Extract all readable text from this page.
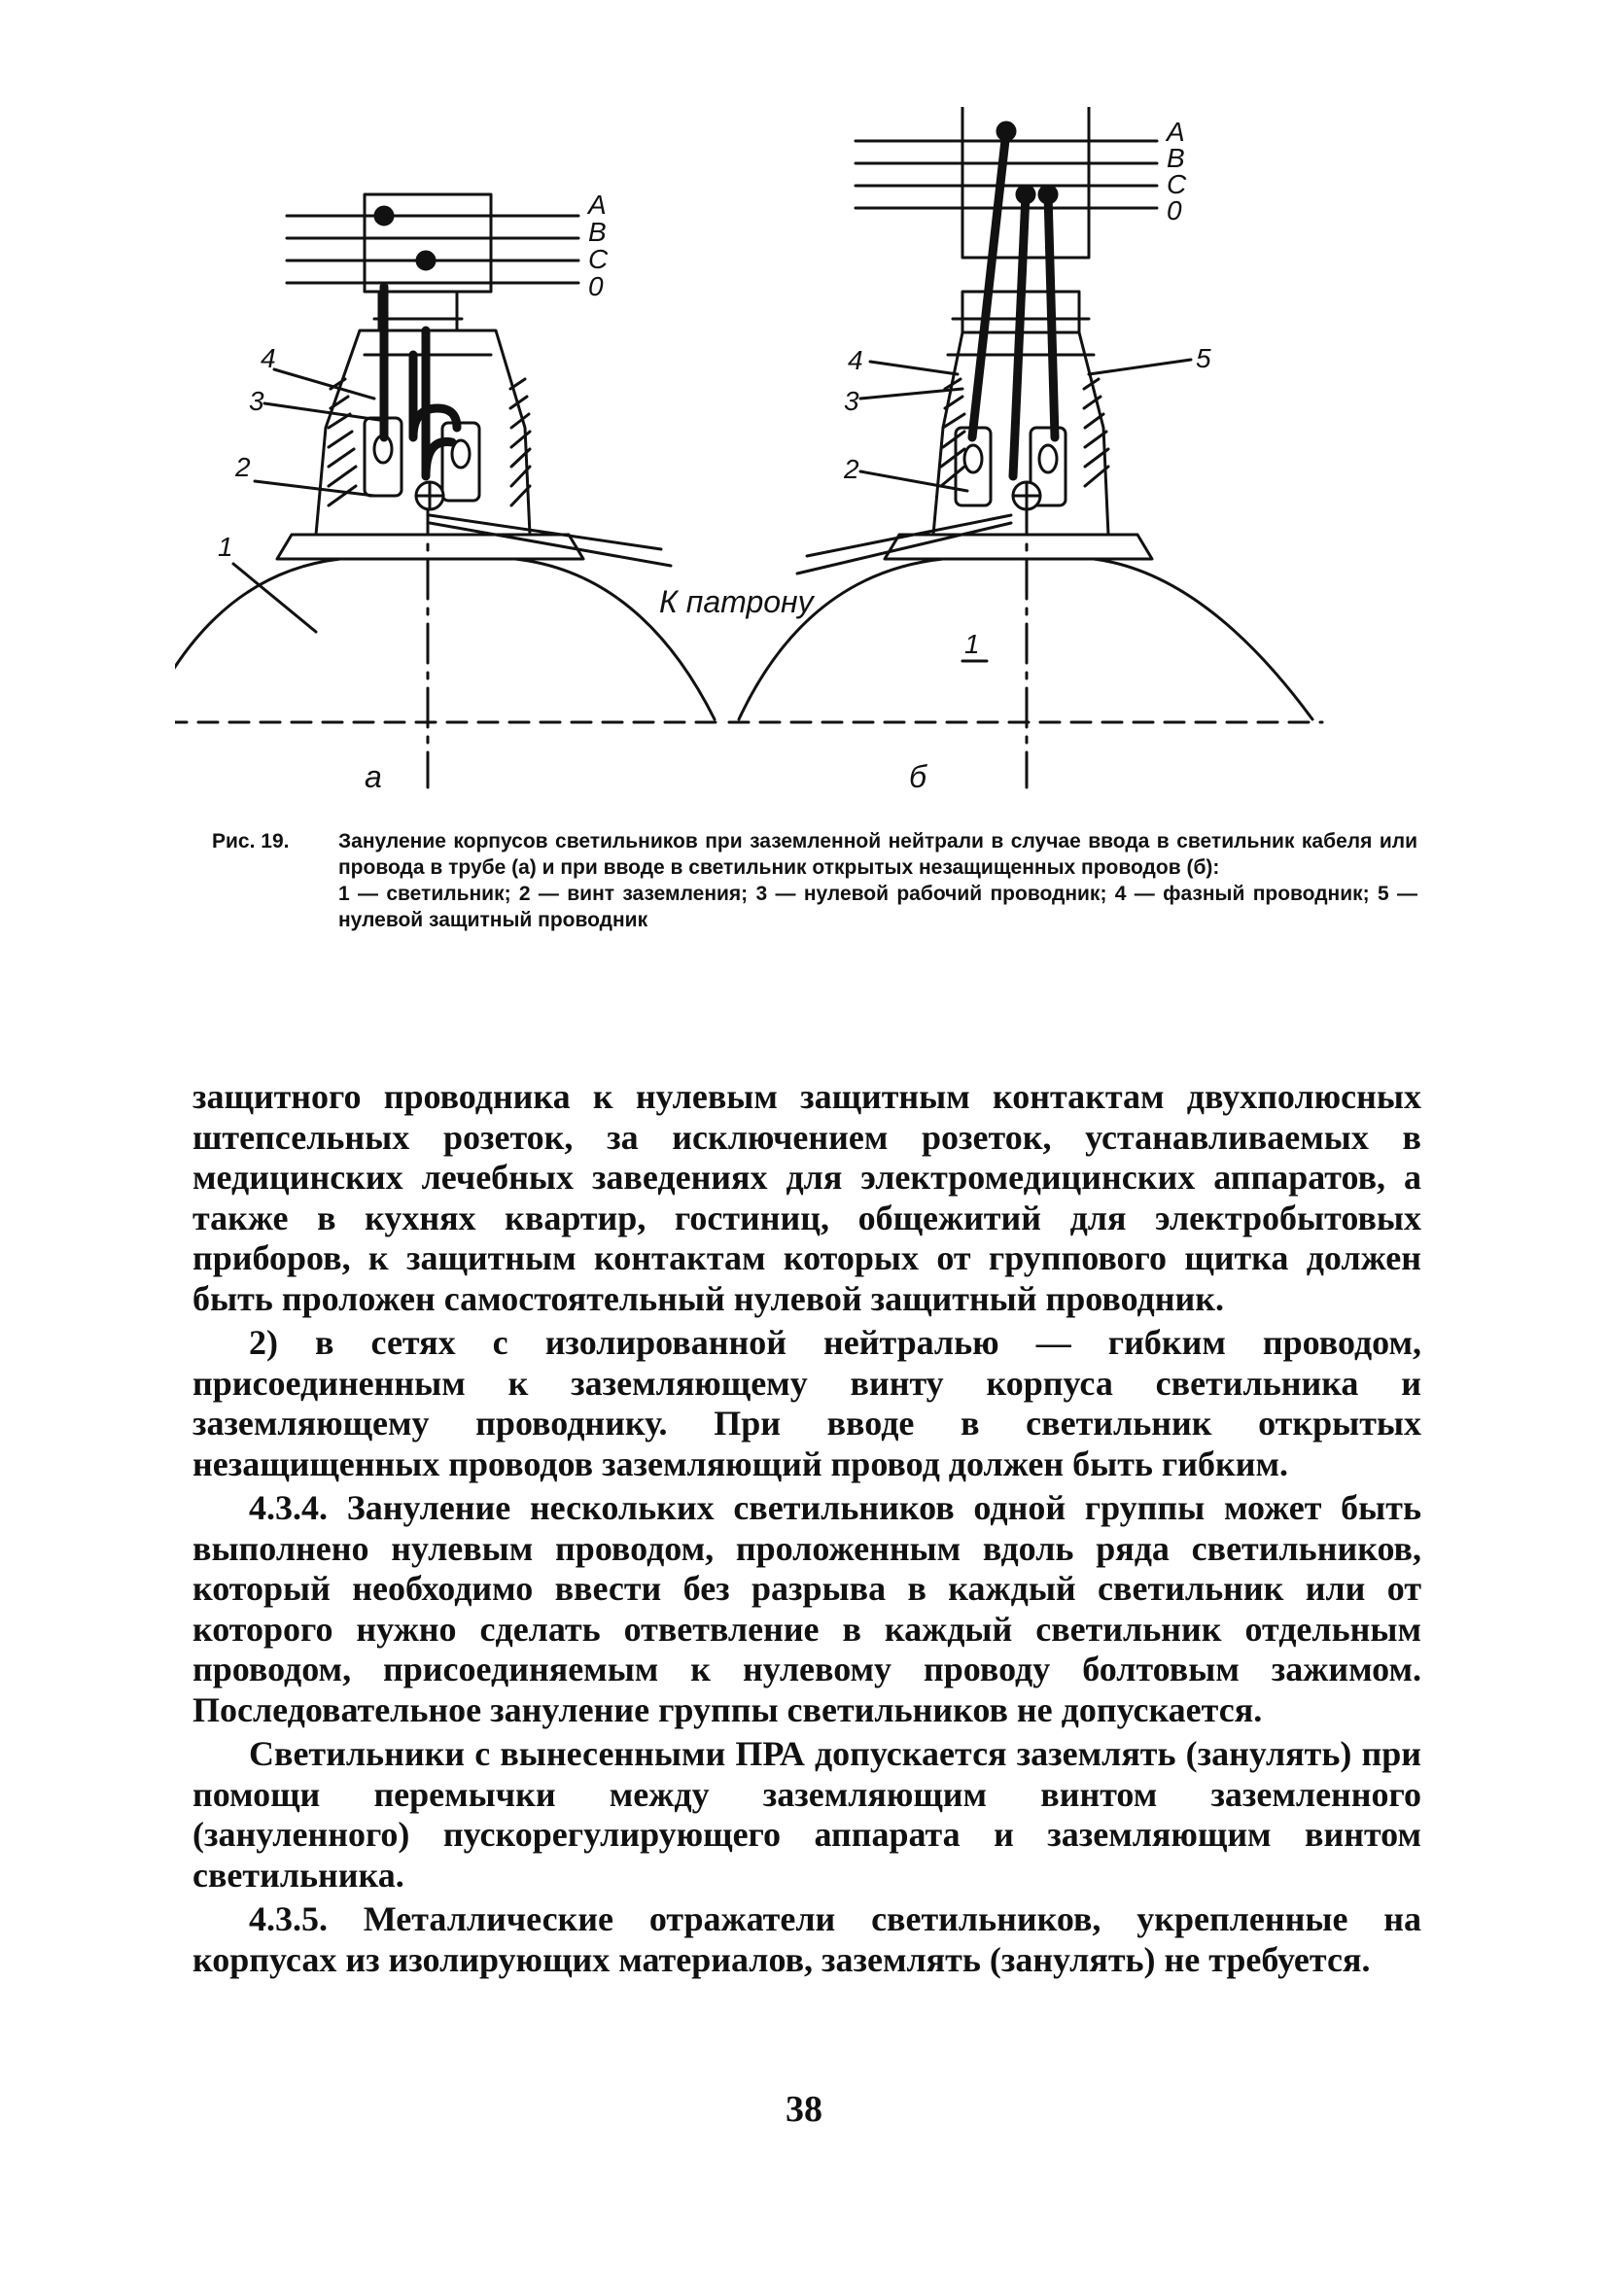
A
B
C
0
A
B
C
0
4
3
2
1
4
3
2
5
К патрону
1
а	б
Рис. 19.	Зануление корпусов светильников при заземленной нейтрали в случае ввода в светильник кабеля или провода в трубе (а) и при вводе в светильник открытых незащищенных проводов (б):
1 — светильник; 2 — винт заземления; 3 — нулевой рабочий проводник; 4 — фазный проводник; 5 — нулевой защитный проводник

защитного проводника к нулевым защитным контактам двухполюсных штепсельных розеток, за исключением розеток, устанавливаемых в медицинских лечебных заведениях для электромедицинских аппаратов, а также в кухнях квартир, гостиниц, общежитий для электробытовых приборов, к защитным контактам которых от группового щитка должен быть проложен самостоятельный нулевой защитный проводник.

2) в сетях с изолированной нейтралью — гибким проводом, присоединенным к заземляющему винту корпуса светильника и заземляющему проводнику. При вводе в светильник открытых незащищенных проводов заземляющий провод должен быть гибким.

4.3.4. Зануление нескольких светильников одной группы может быть выполнено нулевым проводом, проложенным вдоль ряда светильников, который необходимо ввести без разрыва в каждый светильник или от которого нужно сделать ответвление в каждый светильник отдельным проводом, присоединяемым к нулевому проводу болтовым зажимом. Последовательное зануление группы светильников не допускается.

Светильники с вынесенными ПРА допускается заземлять (занулять) при помощи перемычки между заземляющим винтом заземленного (зануленного) пускорегулирующего аппарата и заземляющим винтом светильника.

4.3.5. Металлические отражатели светильников, укрепленные на корпусах из изолирующих материалов, заземлять (занулять) не требуется.

38
